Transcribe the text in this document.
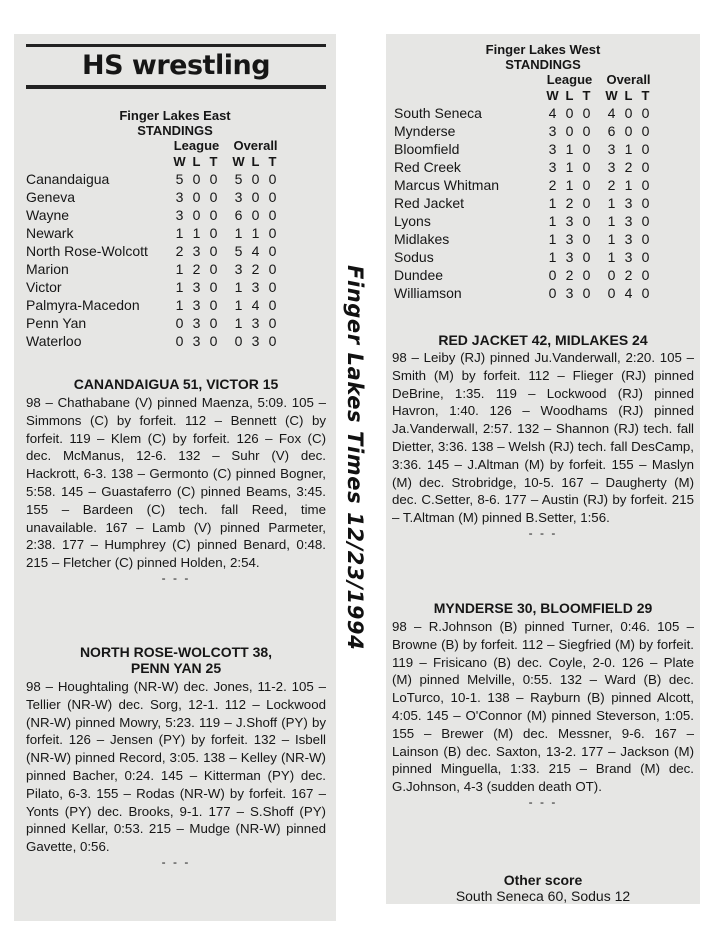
HS wrestling
Finger Lakes East
STANDINGS
	League				Overall		
	W	L	T		W	L	T
Canandaigua	5	0	0		5	0	0
Geneva	3	0	0		3	0	0
Wayne	3	0	0		6	0	0
Newark	1	1	0		1	1	0
North Rose-Wolcott	2	3	0		5	4	0
Marion	1	2	0		3	2	0
Victor	1	3	0		1	3	0
Palmyra-Macedon	1	3	0		1	4	0
Penn Yan	0	3	0		1	3	0
Waterloo	0	3	0		0	3	0
CANANDAIGUA 51, VICTOR 15
98 – Chathabane (V) pinned Maenza, 5:09. 105 – Simmons (C) by forfeit. 112 – Bennett (C) by forfeit. 119 – Klem (C) by forfeit. 126 – Fox (C) dec. McManus, 12-6. 132 – Suhr (V) dec. Hackrott, 6-3. 138 – Germonto (C) pinned Bogner, 5:58. 145 – Guastaferro (C) pinned Beams, 3:45. 155 – Bardeen (C) tech. fall Reed, time unavailable. 167 – Lamb (V) pinned Parmeter, 2:38. 177 – Humphrey (C) pinned Benard, 0:48. 215 – Fletcher (C) pinned Holden, 2:54.
- - -
NORTH ROSE-WOLCOTT 38,
PENN YAN 25
98 – Houghtaling (NR-W) dec. Jones, 11-2. 105 – Tellier (NR-W) dec. Sorg, 12-1. 112 – Lockwood (NR-W) pinned Mowry, 5:23. 119 – J.Shoff (PY) by forfeit. 126 – Jensen (PY) by forfeit. 132 – Isbell (NR-W) pinned Record, 3:05. 138 – Kelley (NR-W) pinned Bacher, 0:24. 145 – Kitterman (PY) dec. Pilato, 6-3. 155 – Rodas (NR-W) by forfeit. 167 – Yonts (PY) dec. Brooks, 9-1. 177 – S.Shoff (PY) pinned Kellar, 0:53. 215 – Mudge (NR-W) pinned Gavette, 0:56.
- - -
Finger Lakes Times 12/23/1994
Finger Lakes West
STANDINGS
	League				Overall		
	W	L	T		W	L	T
South Seneca	4	0	0		4	0	0
Mynderse	3	0	0		6	0	0
Bloomfield	3	1	0		3	1	0
Red Creek	3	1	0		3	2	0
Marcus Whitman	2	1	0		2	1	0
Red Jacket	1	2	0		1	3	0
Lyons	1	3	0		1	3	0
Midlakes	1	3	0		1	3	0
Sodus	1	3	0		1	3	0
Dundee	0	2	0		0	2	0
Williamson	0	3	0		0	4	0
RED JACKET 42, MIDLAKES 24
98 – Leiby (RJ) pinned Ju.Vanderwall, 2:20. 105 – Smith (M) by forfeit. 112 – Flieger (RJ) pinned DeBrine, 1:35. 119 – Lockwood (RJ) pinned Havron, 1:40. 126 – Woodhams (RJ) pinned Ja.Vanderwall, 2:57. 132 – Shannon (RJ) tech. fall Dietter, 3:36. 138 – Welsh (RJ) tech. fall DesCamp, 3:36. 145 – J.Altman (M) by forfeit. 155 – Maslyn (M) dec. Strobridge, 10-5. 167 – Daugherty (M) dec. C.Setter, 8-6. 177 – Austin (RJ) by forfeit. 215 – T.Altman (M) pinned B.Setter, 1:56.
- - -
MYNDERSE 30, BLOOMFIELD 29
98 – R.Johnson (B) pinned Turner, 0:46. 105 – Browne (B) by forfeit. 112 – Siegfried (M) by forfeit. 119 – Frisicano (B) dec. Coyle, 2-0. 126 – Plate (M) pinned Melville, 0:55. 132 – Ward (B) dec. LoTurco, 10-1. 138 – Rayburn (B) pinned Alcott, 4:05. 145 – O'Connor (M) pinned Steverson, 1:05. 155 – Brewer (M) dec. Messner, 9-6. 167 – Lainson (B) dec. Saxton, 13-2. 177 – Jackson (M) pinned Minguella, 1:33. 215 – Brand (M) dec. G.Johnson, 4-3 (sudden death OT).
- - -
Other score
South Seneca 60, Sodus 12
